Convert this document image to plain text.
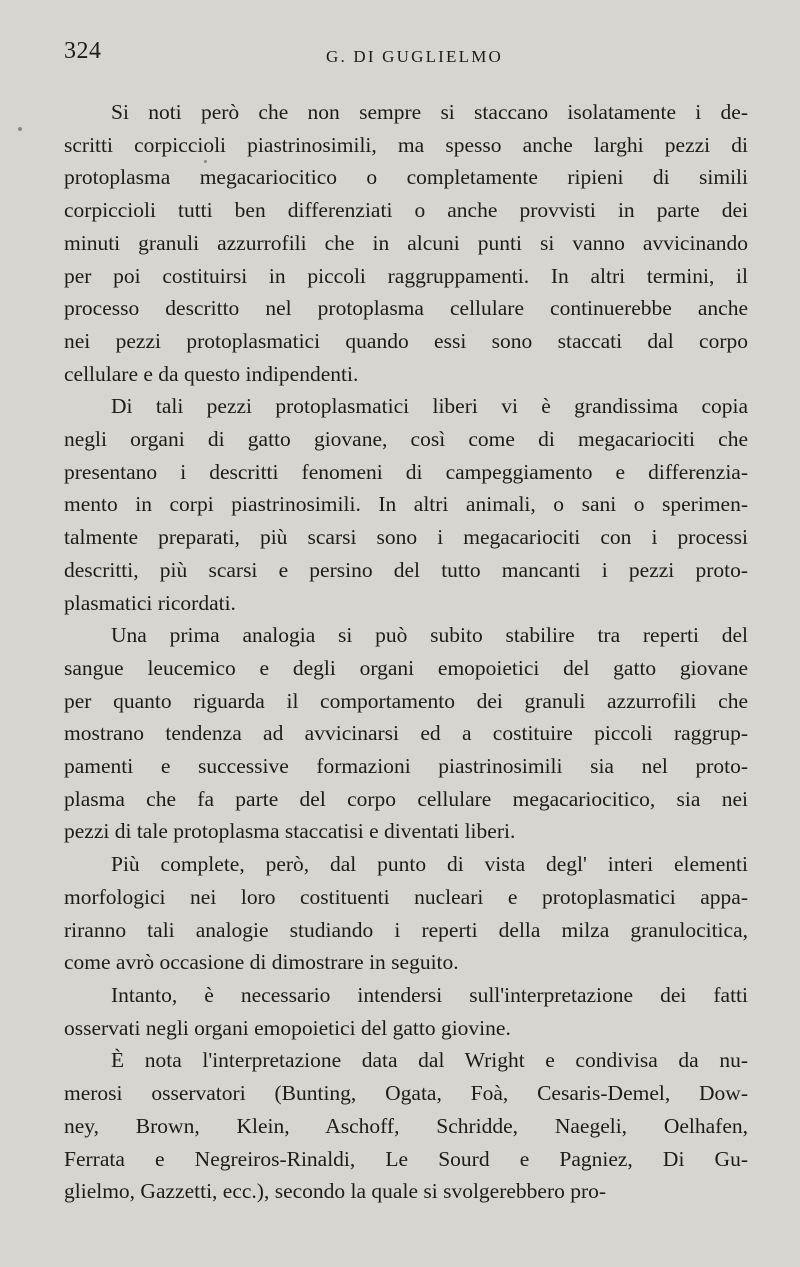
324	G. DI GUGLIELMO
Si noti però che non sempre si staccano isolatamente i de-
scritti corpiccioli piastrinosimili, ma spesso anche larghi pezzi di
protoplasma megacariocitico o completamente ripieni di simili
corpiccioli tutti ben differenziati o anche provvisti in parte dei
minuti granuli azzurrofili che in alcuni punti si vanno avvicinando
per poi costituirsi in piccoli raggruppamenti. In altri termini, il
processo descritto nel protoplasma cellulare continuerebbe anche
nei pezzi protoplasmatici quando essi sono staccati dal corpo
cellulare e da questo indipendenti.
Di tali pezzi protoplasmatici liberi vi è grandissima copia
negli organi di gatto giovane, così come di megacariociti che
presentano i descritti fenomeni di campeggiamento e differenzia-
mento in corpi piastrinosimili. In altri animali, o sani o sperimen-
talmente preparati, più scarsi sono i megacariociti con i processi
descritti, più scarsi e persino del tutto mancanti i pezzi proto-
plasmatici ricordati.
Una prima analogia si può subito stabilire tra reperti del
sangue leucemico e degli organi emopoietici del gatto giovane
per quanto riguarda il comportamento dei granuli azzurrofili che
mostrano tendenza ad avvicinarsi ed a costituire piccoli raggrup-
pamenti e successive formazioni piastrinosimili sia nel proto-
plasma che fa parte del corpo cellulare megacariocitico, sia nei
pezzi di tale protoplasma staccatisi e diventati liberi.
Più complete, però, dal punto di vista degl' interi elementi
morfologici nei loro costituenti nucleari e protoplasmatici appa-
riranno tali analogie studiando i reperti della milza granulocitica,
come avrò occasione di dimostrare in seguito.
Intanto, è necessario intendersi sull'interpretazione dei fatti
osservati negli organi emopoietici del gatto giovine.
È nota l'interpretazione data dal Wright e condivisa da nu-
merosi osservatori (Bunting, Ogata, Foà, Cesaris-Demel, Dow-
ney, Brown, Klein, Aschoff, Schridde, Naegeli, Oelhafen,
Ferrata e Negreiros-Rinaldi, Le Sourd e Pagniez, Di Gu-
glielmo, Gazzetti, ecc.), secondo la quale si svolgerebbero pro-
